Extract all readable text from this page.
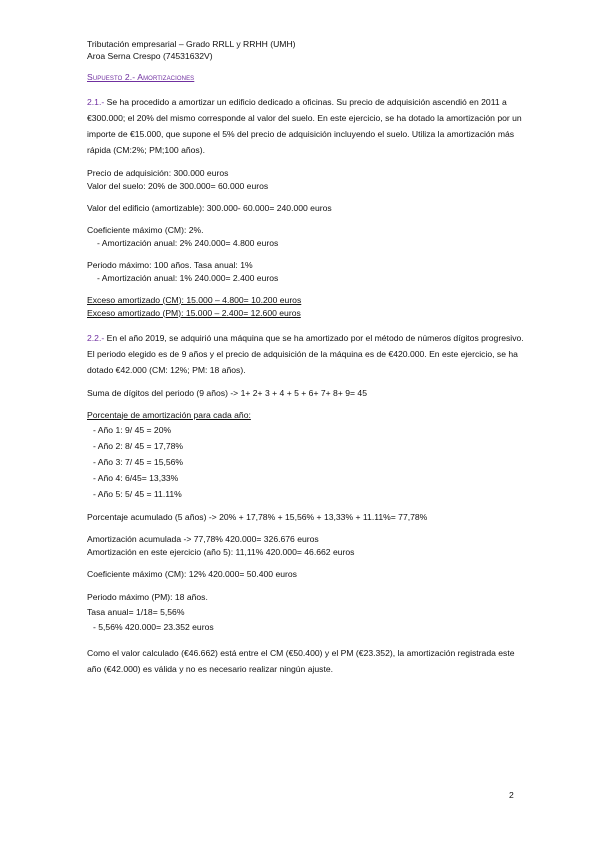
Tributación empresarial – Grado RRLL y RRHH (UMH)

Aroa Serna Crespo (74531632V)

Supuesto 2.- Amortizaciones

2.1.- Se ha procedido a amortizar un edificio dedicado a oficinas. Su precio de adquisición ascendió en 2011 a €300.000; el 20% del mismo corresponde al valor del suelo. En este ejercicio, se ha dotado la amortización por un importe de €15.000, que supone el 5% del precio de adquisición incluyendo el suelo. Utiliza la amortización más rápida (CM:2%; PM;100 años).

Precio de adquisición: 300.000 euros

Valor del suelo: 20% de 300.000= 60.000 euros

Valor del edificio (amortizable): 300.000- 60.000= 240.000 euros

Coeficiente máximo (CM): 2%.

- Amortización anual: 2% 240.000= 4.800 euros

Periodo máximo: 100 años. Tasa anual: 1%

- Amortización anual: 1% 240.000= 2.400 euros

Exceso amortizado (CM): 15.000 – 4.800= 10.200 euros

Exceso amortizado (PM): 15.000 – 2.400= 12.600 euros

2.2.- En el año 2019, se adquirió una máquina que se ha amortizado por el método de números dígitos progresivo. El periodo elegido es de 9 años y el precio de adquisición de la máquina es de €420.000. En este ejercicio, se ha dotado €42.000 (CM: 12%; PM: 18 años).

Suma de dígitos del periodo (9 años) -> 1+ 2+ 3 + 4 + 5 + 6+ 7+ 8+ 9= 45

Porcentaje de amortización para cada año:

- Año 1: 9/ 45 = 20%

- Año 2: 8/ 45 = 17,78%

- Año 3: 7/ 45 = 15,56%

- Año 4: 6/45= 13,33%

- Año 5: 5/ 45 = 11.11%

Porcentaje acumulado (5 años) -> 20% + 17,78% + 15,56% + 13,33% + 11.11%= 77,78%

Amortización acumulada -> 77,78% 420.000= 326.676 euros

Amortización en este ejercicio (año 5): 11,11% 420.000= 46.662 euros

Coeficiente máximo (CM): 12% 420.000= 50.400 euros

Periodo máximo (PM): 18 años.

Tasa anual= 1/18= 5,56%

- 5,56% 420.000= 23.352 euros

Como el valor calculado (€46.662) está entre el CM (€50.400) y el PM (€23.352), la amortización registrada este año (€42.000) es válida y no es necesario realizar ningún ajuste.

2
